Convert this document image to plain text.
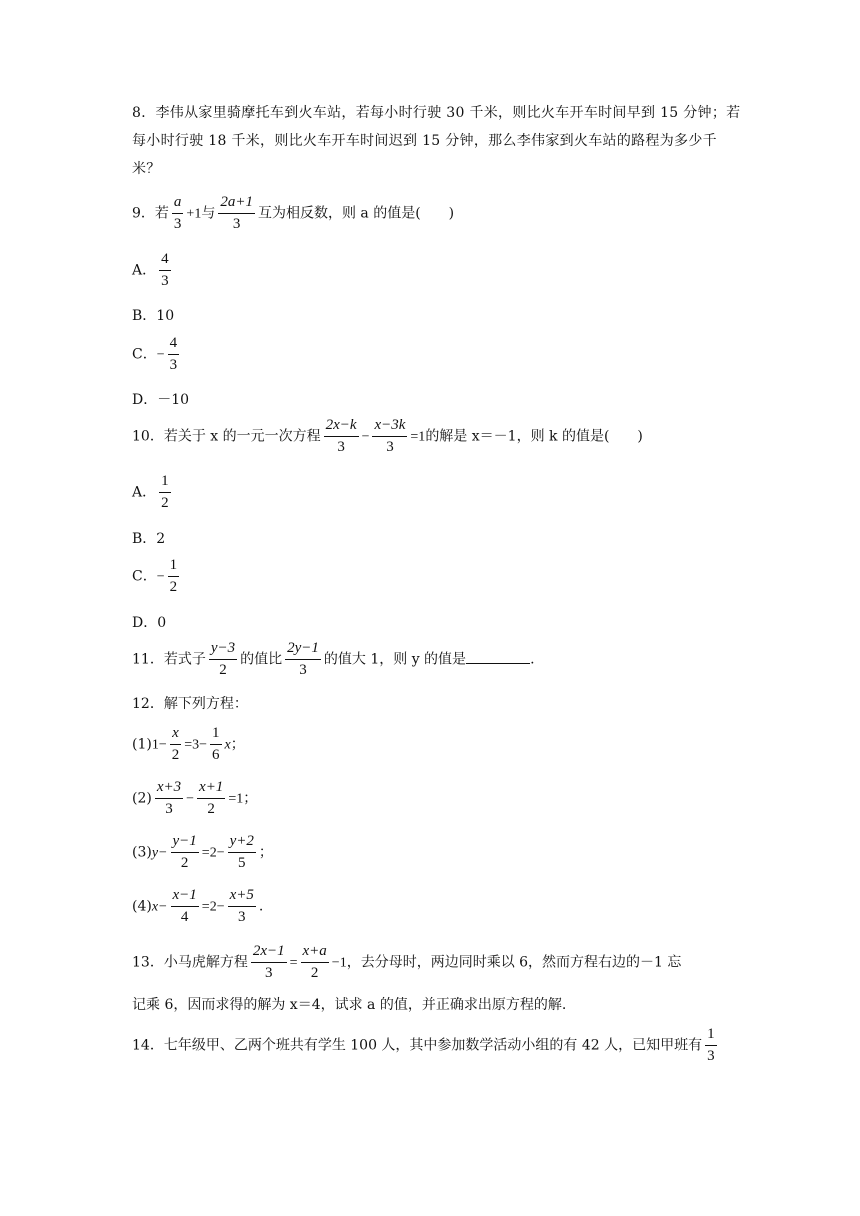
8．李伟从家里骑摩托车到火车站，若每小时行驶 30 千米，则比火车开车时间早到 15 分钟；若每小时行驶 18 千米，则比火车开车时间迟到 15 分钟，那么李伟家到火车站的路程为多少千米？
9．若 $\frac{a}{3} +1$与 $\frac{2a+1}{3}$ 互为相反数，则 a 的值是(　　)
A． $\frac{4}{3}$
B．10
C．− $\frac{4}{3}$
D．－10
10．若关于 x 的一元一次方程 $\frac{2x-k}{3} - \frac{x-3k}{3} =1$的解是 x＝－1，则 k 的值是(　　)
A． $\frac{1}{2}$
B．2
C．− $\frac{1}{2}$
D．0
11．若式子 $\frac{y-3}{2}$ 的值比 $\frac{2y-1}{3}$ 的值大 1，则 y 的值是	.
12．解下列方程：
$(1)1- \frac{x}{2} =3- \frac{1}{6}$ x；
$(2) \frac{x+3}{3} - \frac{x+1}{2} =1$；
$(3)y- \frac{y-1}{2} =2- \frac{y+2}{5}$ ；
$(4)x- \frac{x-1}{4} =2- \frac{x+5}{3}$ .
13．小马虎解方程 $\frac{2x-1}{3} = \frac{x+a}{2} -1$，去分母时，两边同时乘以 6，然而方程右边的－1 忘
记乘 6，因而求得的解为 x＝4，试求 a 的值，并正确求出原方程的解.
14．七年级甲、乙两个班共有学生 100 人，其中参加数学活动小组的有 42 人，已知甲班有 $\frac{1}{3}$
